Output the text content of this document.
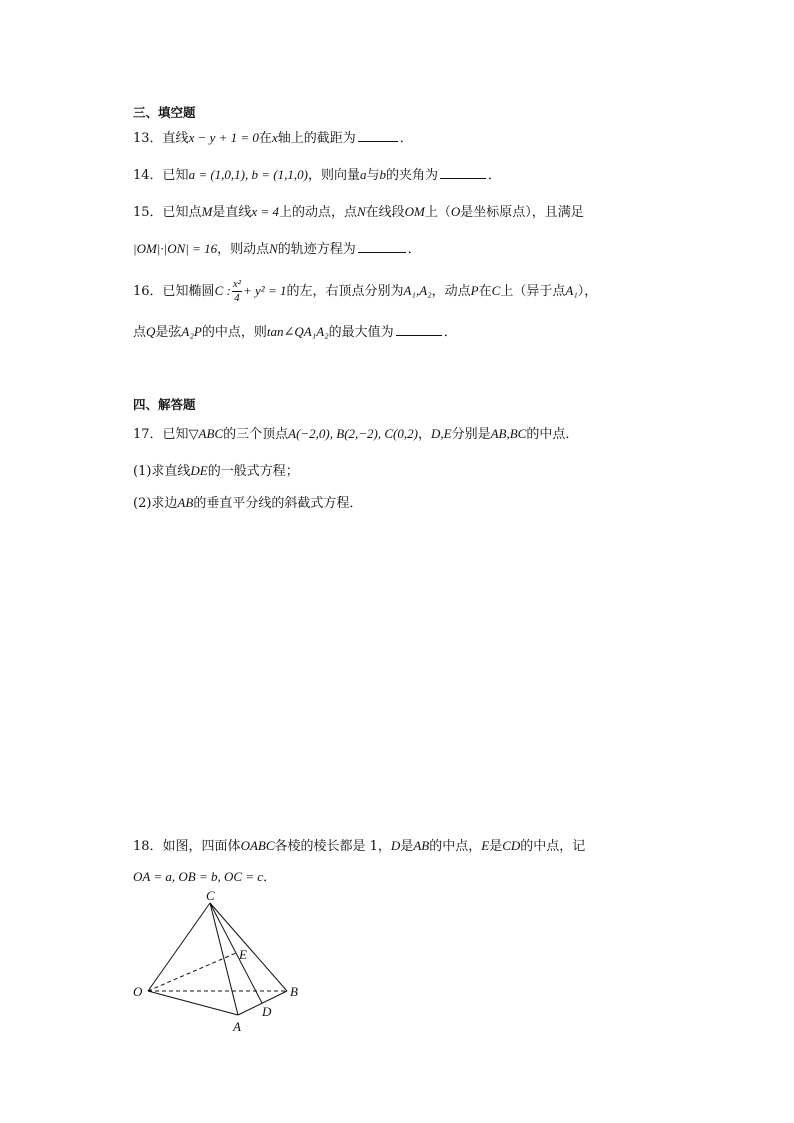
三、填空题
13．直线x − y + 1 = 0在x轴上的截距为	．
14．已知a = (1,0,1), b = (1,1,0)，则向量a与b的夹角为	．
15．已知点M是直线x = 4上的动点，点N在线段OM上（O是坐标原点），且满足
|OM|·|ON| = 16，则动点N的轨迹方程为	．
16．已知椭圆C : $\frac{\text{x²}}{4} + y^2 = 1$的左，右顶点分别为A₁,A₂，动点P在C上（异于点A₁），
点Q是弦A₂P的中点，则tan∠QA₁A₂的最大值为	．
四、解答题
17．已知▽ABC的三个顶点A(−2,0), B(2,−2), C(0,2)，D,E分别是AB,BC的中点．
(1)求直线DE的一般式方程；
(2)求边AB的垂直平分线的斜截式方程．
18．如图，四面体OABC各棱的棱长都是 1，D是AB的中点，E是CD的中点，记
OA = a, OB = b, OC = c．
C
E
O	B
A
D
